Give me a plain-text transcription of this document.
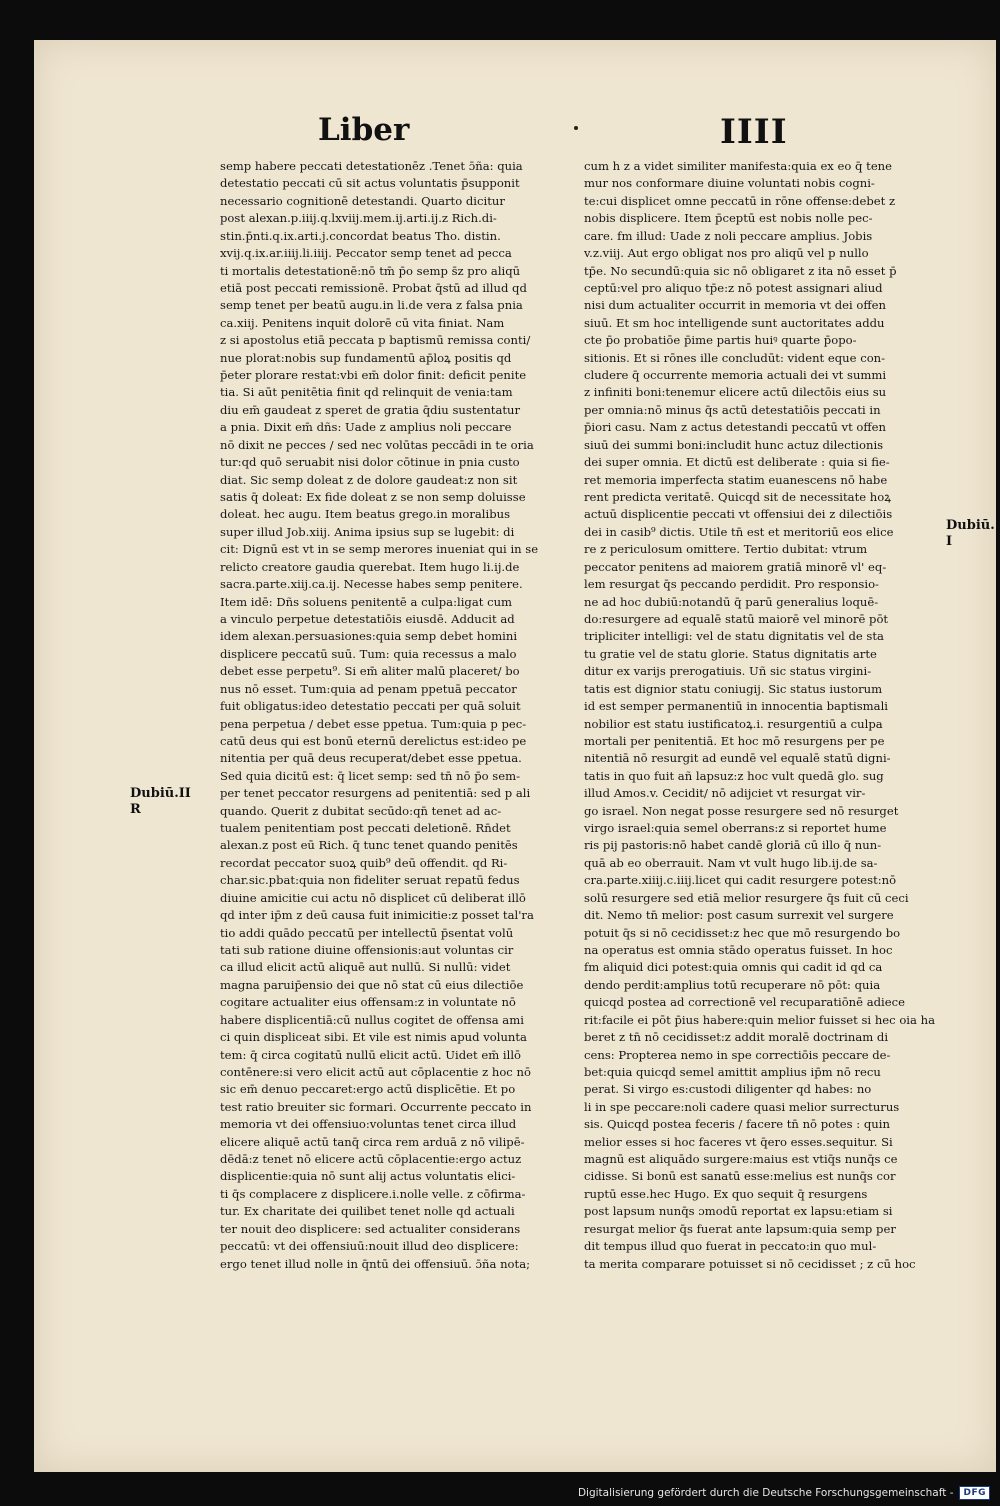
Liber	IIII
Dubiū.II
R
Dubiū.
I
semp habere peccati detestationēz .Tenet ɔ̄ña: quia
detestatio peccati cū sit actus voluntatis p̄supponit
necessario cognitionē detestandi. Quarto dicitur
post alexan.p.iiij.q.lxviij.mem.ij.arti.ij.z Rich.di-
stin.p̄nti.q.ix.arti.j.concordat beatus Tho. distin.
xvij.q.ix.ar.iiij.li.iiij. Peccator semp tenet ad pecca
ti mortalis detestationē:nō tm̄ p̄o semp s̄z pro aliqū
etiā post peccati remissionē. Probat q̄stū ad illud qd
semp tenet per beatū augu.in li.de vera z falsa pnia
ca.xiij. Penitens inquit dolorē cū vita finiat. Nam
z si apostolus etiā peccata p baptismū remissa conti/
nue plorat:nobis sup fundamentū ap̄loꝝ positis qd
p̄eter plorare restat:vbi em̄ dolor finit: deficit penite
tia. Si aūt penitētia finit qd relinquit de venia:tam
diu em̄ gaudeat z speret de gratia q̄diu sustentatur
a pnia. Dixit em̄ dñs: Uade z amplius noli peccare
nō dixit ne pecces / sed nec volūtas peccādi in te oria
tur:qd quō seruabit nisi dolor cōtinue in pnia custo
diat. Sic semp doleat z de dolore gaudeat:z non sit
satis q̄ doleat: Ex fide doleat z se non semp doluisse
doleat. hec augu. Item beatus grego.in moralibus
super illud Job.xiij. Anima ipsius sup se lugebit: di
cit: Dignū est vt in se semp merores inueniat qui in se
relicto creatore gaudia querebat. Item hugo li.ij.de
sacra.parte.xiij.ca.ij. Necesse habes semp penitere.
Item idē: Dñs soluens penitentē a culpa:ligat cum
a vinculo perpetue detestatiōis eiusdē. Adducit ad
idem alexan.persuasiones:quia semp debet homini
displicere peccatū suū. Tum: quia recessus a malo
debet esse perpetu⁹. Si em̄ aliter malū placeret/ bo
nus nō esset. Tum:quia ad penam ppetuā peccator
fuit obligatus:ideo detestatio peccati per quā soluit
pena perpetua / debet esse ppetua. Tum:quia p pec-
catū deus qui est bonū eternū derelictus est:ideo pe
nitentia per quā deus recuperat/debet esse ppetua.
Sed quia dicitū est: q̄ licet semp: sed tn̄ nō p̄o sem-
per tenet peccator resurgens ad penitentiā: sed p ali
quando. Querit z dubitat secūdo:qn̄ tenet ad ac-
tualem penitentiam post peccati deletionē. Rn̄det
alexan.z post eū Rich. q̄ tunc tenet quando penitēs
recordat peccator suoꝝ quib⁹ deū offendit. qd Ri-
char.sic.pbat:quia non fideliter seruat repatū fedus
diuine amicitie cui actu nō displicet cū deliberat illō
qd inter ip̄m z deū causa fuit inimicitie:z posset tal'ra
tio addi quādo peccatū per intellectū p̄sentat volū
tati sub ratione diuine offensionis:aut voluntas cir
ca illud elicit actū aliquē aut nullū. Si nullū: videt
magna paruip̄ensio dei que nō stat cū eius dilectiōe
cogitare actualiter eius offensam:z in voluntate nō
habere displicentiā:cū nullus cogitet de offensa ami
ci quin displiceat sibi. Et vile est nimis apud volunta
tem: q̄ circa cogitatū nullū elicit actū. Uidet em̄ illō
contēnere:si vero elicit actū aut cōplacentie z hoc nō
sic em̄ denuo peccaret:ergo actū displicētie. Et po
test ratio breuiter sic formari. Occurrente peccato in
memoria vt dei offensiuo:voluntas tenet circa illud
elicere aliquē actū tanq̄ circa rem arduā z nō vilipē-
dēdā:z tenet nō elicere actū cōplacentie:ergo actuz
displicentie:quia nō sunt alij actus voluntatis elici-
ti q̄s complacere z displicere.i.nolle velle. z cōfirma-
tur. Ex charitate dei quilibet tenet nolle qd actuali
ter nouit deo displicere: sed actualiter considerans
peccatū: vt dei offensiuū:nouit illud deo displicere:
ergo tenet illud nolle in q̄ntū dei offensiuū. ɔ̄ña nota;
cum h z a videt similiter manifesta:quia ex eo q̄ tene
mur nos conformare diuine voluntati nobis cogni-
te:cui displicet omne peccatū in rōne offense:debet z
nobis displicere. Item p̄ceptū est nobis nolle pec-
care. fm illud: Uade z noli peccare amplius. Jobis
v.z.viij. Aut ergo obligat nos pro aliqū vel p nullo
tp̄e. No secundū:quia sic nō obligaret z ita nō esset p̄
ceptū:vel pro aliquo tp̄e:z nō potest assignari aliud
nisi dum actualiter occurrit in memoria vt dei offen
siuū. Et sm hoc intelligende sunt auctoritates addu
cte p̄o probatiōe p̄ime partis huiꝰ quarte p̄opo-
sitionis. Et si rōnes ille concludūt: vident eque con-
cludere q̄ occurrente memoria actuali dei vt summi
z infiniti boni:tenemur elicere actū dilectōis eius su
per omnia:nō minus q̄s actū detestatiōis peccati in
p̄iori casu. Nam z actus detestandi peccatū vt offen
siuū dei summi boni:includit hunc actuz dilectionis
dei super omnia. Et dictū est deliberate : quia si fie-
ret memoria imperfecta statim euanescens nō habe
rent predicta veritatē. Quicqd sit de necessitate hoꝝ
actuū displicentie peccati vt offensiui dei z dilectiōis
dei in casib⁹ dictis. Utile tn̄ est et meritoriū eos elice
re z periculosum omittere. Tertio dubitat: vtrum
peccator penitens ad maiorem gratiā minorē vl' eq-
lem resurgat q̄s peccando perdidit. Pro responsio-
ne ad hoc dubiū:notandū q̄ parū generalius loquē-
do:resurgere ad equalē statū maiorē vel minorē pōt
tripliciter intelligi: vel de statu dignitatis vel de sta
tu gratie vel de statu glorie. Status dignitatis arte
ditur ex varijs prerogatiuis. Uñ sic status virgini-
tatis est dignior statu coniugij. Sic status iustorum
id est semper permanentiū in innocentia baptismali
nobilior est statu iustificatoꝝ.i. resurgentiū a culpa
mortali per penitentiā. Et hoc mō resurgens per pe
nitentiā nō resurgit ad eundē vel equalē statū digni-
tatis in quo fuit añ lapsuz:z hoc vult quedā glo. sug
illud Amos.v. Cecidit/ nō adijciet vt resurgat vir-
go israel. Non negat posse resurgere sed nō resurget
virgo israel:quia semel oberrans:z si reportet hume
ris pij pastoris:nō habet candē gloriā cū illo q̄ nun-
quā ab eo oberrauit. Nam vt vult hugo lib.ij.de sa-
cra.parte.xiiij.c.iiij.licet qui cadit resurgere potest:nō
solū resurgere sed etiā melior resurgere q̄s fuit cū ceci
dit. Nemo tn̄ melior: post casum surrexit vel surgere
potuit q̄s si nō cecidisset:z hec que mō resurgendo bo
na operatus est omnia stādo operatus fuisset. In hoc
fm aliquid dici potest:quia omnis qui cadit id qd ca
dendo perdit:amplius totū recuperare nō pōt: quia
quicqd postea ad correctionē vel recuparatiōnē adiece
rit:facile ei pōt p̄ius habere:quin melior fuisset si hec oia ha
beret z tn̄ nō cecidisset:z addit moralē doctrinam di
cens: Propterea nemo in spe correctiōis peccare de-
bet:quia quicqd semel amittit amplius ip̄m nō recu
perat. Si virgo es:custodi diligenter qd habes: no
li in spe peccare:noli cadere quasi melior surrecturus
sis. Quicqd postea feceris / facere tn̄ nō potes : quin
melior esses si hoc faceres vt q̄ero esses.sequitur. Si
magnū est aliquādo surgere:maius est vtiq̄s nunq̄s ce
cidisse. Si bonū est sanatū esse:melius est nunq̄s cor
ruptū esse.hec Hugo. Ex quo sequit q̄ resurgens
post lapsum nunq̄s ɔmodū reportat ex lapsu:etiam si
resurgat melior q̄s fuerat ante lapsum:quia semp per
dit tempus illud quo fuerat in peccato:in quo mul-
ta merita comparare potuisset si nō cecidisset ; z cū hoc
Digitalisierung gefördert durch die Deutsche Forschungsgemeinschaft -	DFG
